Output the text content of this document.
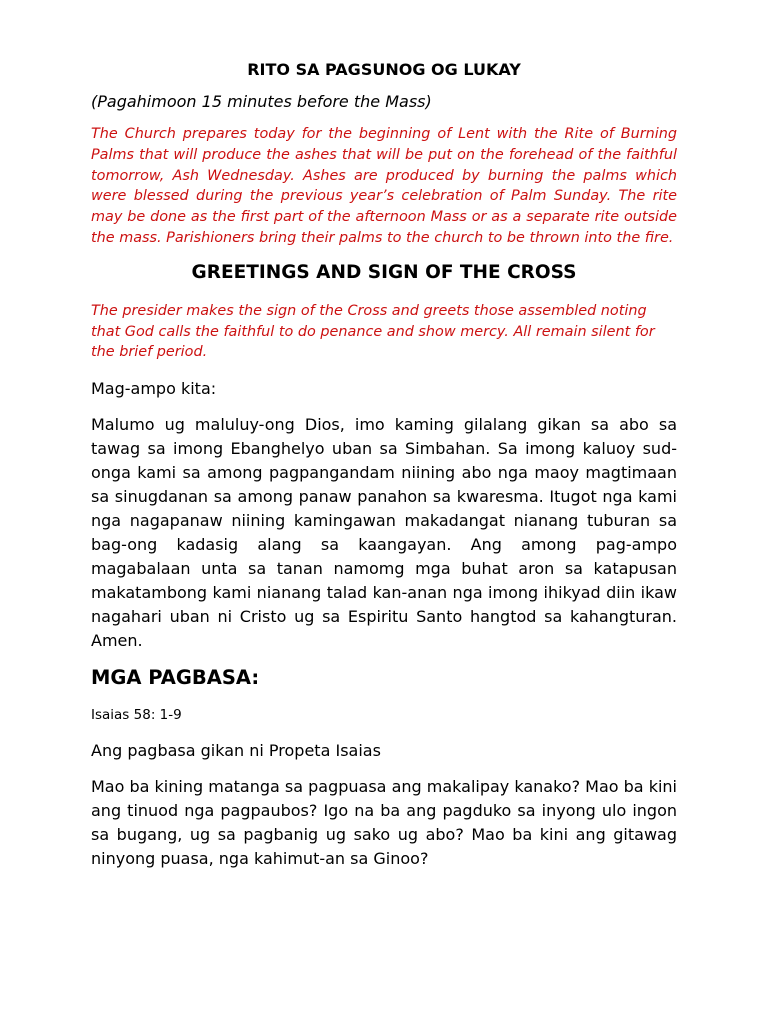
RITO SA PAGSUNOG OG LUKAY

(Pagahimoon 15 minutes before the Mass)

The Church prepares today for the beginning of Lent with the Rite of Burning Palms that will produce the ashes that will be put on the forehead of the faithful tomorrow, Ash Wednesday. Ashes are produced by burning the palms which were blessed during the previous year’s celebration of Palm Sunday. The rite may be done as the first part of the afternoon Mass or as a separate rite outside the mass. Parishioners bring their palms to the church to be thrown into the fire.

GREETINGS AND SIGN OF THE CROSS

The presider makes the sign of the Cross and greets those assembled noting that God calls the faithful to do penance and show mercy. All remain silent for the brief period.

Mag-ampo kita:

Malumo ug maluluy-ong Dios, imo kaming gilalang gikan sa abo sa tawag sa imong Ebanghelyo uban sa Simbahan. Sa imong kaluoy sud-onga kami sa among pagpangandam niining abo nga maoy magtimaan sa sinugdanan sa among panaw panahon sa kwaresma. Itugot nga kami nga nagapanaw niining kamingawan makadangat nianang tuburan sa bag-ong kadasig alang sa kaangayan. Ang among pag-ampo magabalaan unta sa tanan namomg mga buhat aron sa katapusan makatambong kami nianang talad kan-anan nga imong ihikyad diin ikaw nagahari uban ni Cristo ug sa Espiritu Santo hangtod sa kahangturan. Amen.

MGA PAGBASA:

Isaias 58: 1-9

Ang pagbasa gikan ni Propeta Isaias

Mao ba kining matanga sa pagpuasa ang makalipay kanako? Mao ba kini ang tinuod nga pagpaubos? Igo na ba ang pagduko sa inyong ulo ingon sa bugang, ug sa pagbanig ug sako ug abo? Mao ba kini ang gitawag ninyong puasa, nga kahimut-an sa Ginoo?
